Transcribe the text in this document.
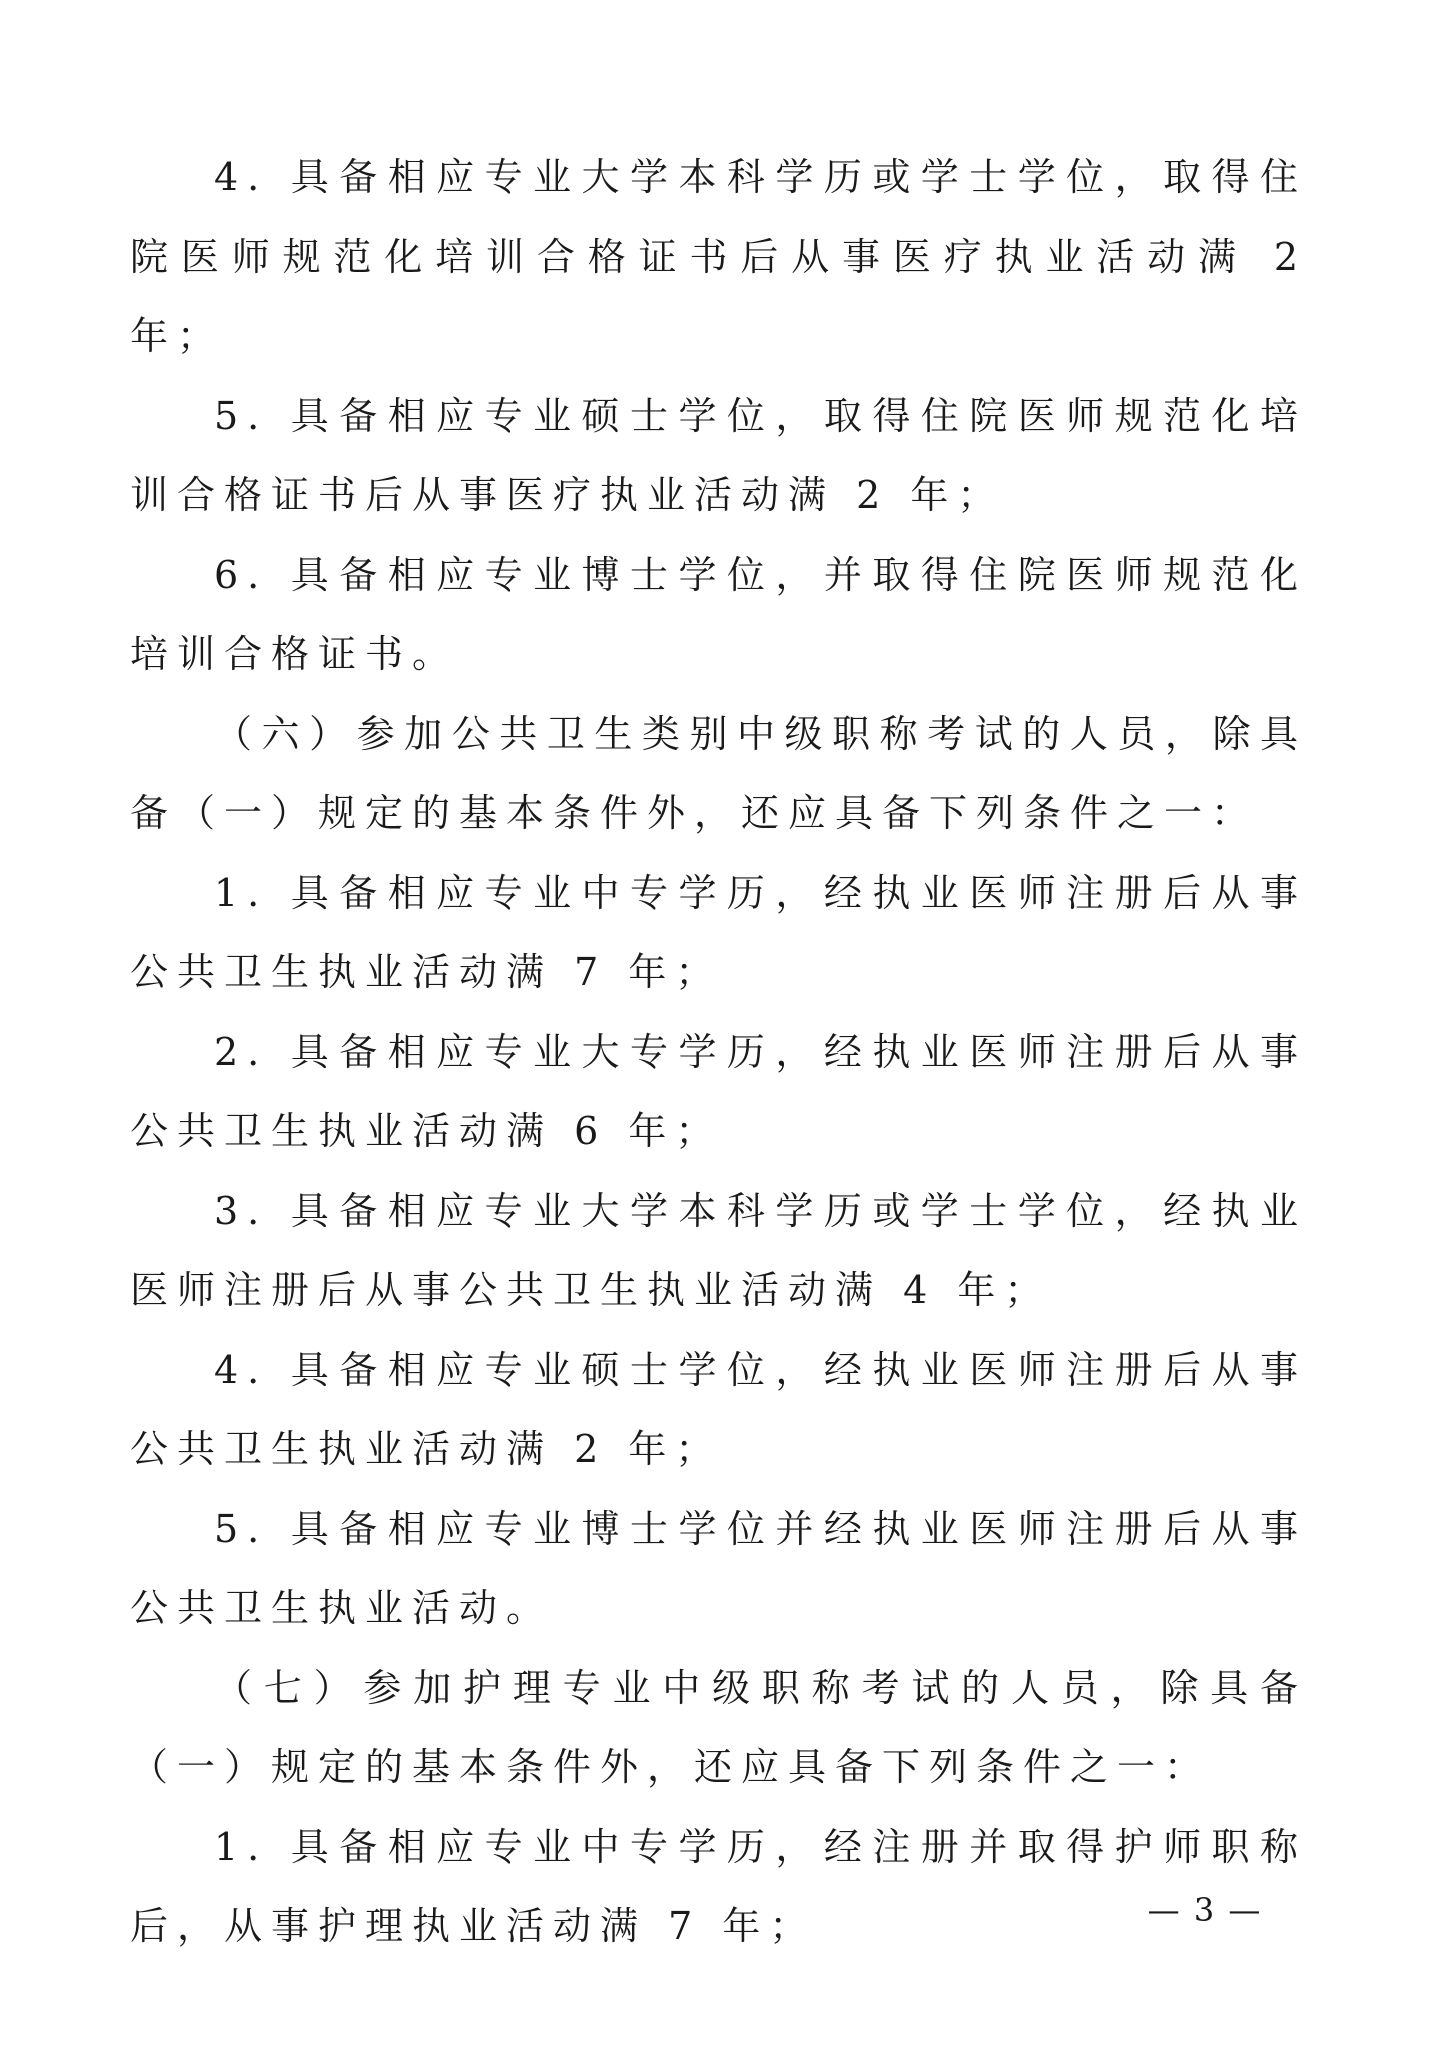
4. 具备相应专业大学本科学历或学士学位，取得住院医师规范化培训合格证书后从事医疗执业活动满 2 年；

5. 具备相应专业硕士学位，取得住院医师规范化培训合格证书后从事医疗执业活动满 2 年；

6. 具备相应专业博士学位，并取得住院医师规范化培训合格证书。

（六）参加公共卫生类别中级职称考试的人员，除具备（一）规定的基本条件外，还应具备下列条件之一：

1. 具备相应专业中专学历，经执业医师注册后从事公共卫生执业活动满 7 年；

2. 具备相应专业大专学历，经执业医师注册后从事公共卫生执业活动满 6 年；

3. 具备相应专业大学本科学历或学士学位，经执业医师注册后从事公共卫生执业活动满 4 年；

4. 具备相应专业硕士学位，经执业医师注册后从事公共卫生执业活动满 2 年；

5. 具备相应专业博士学位并经执业医师注册后从事公共卫生执业活动。

（七）参加护理专业中级职称考试的人员，除具备（一）规定的基本条件外，还应具备下列条件之一：

1. 具备相应专业中专学历，经注册并取得护师职称后，从事护理执业活动满 7 年；	— 3 —
